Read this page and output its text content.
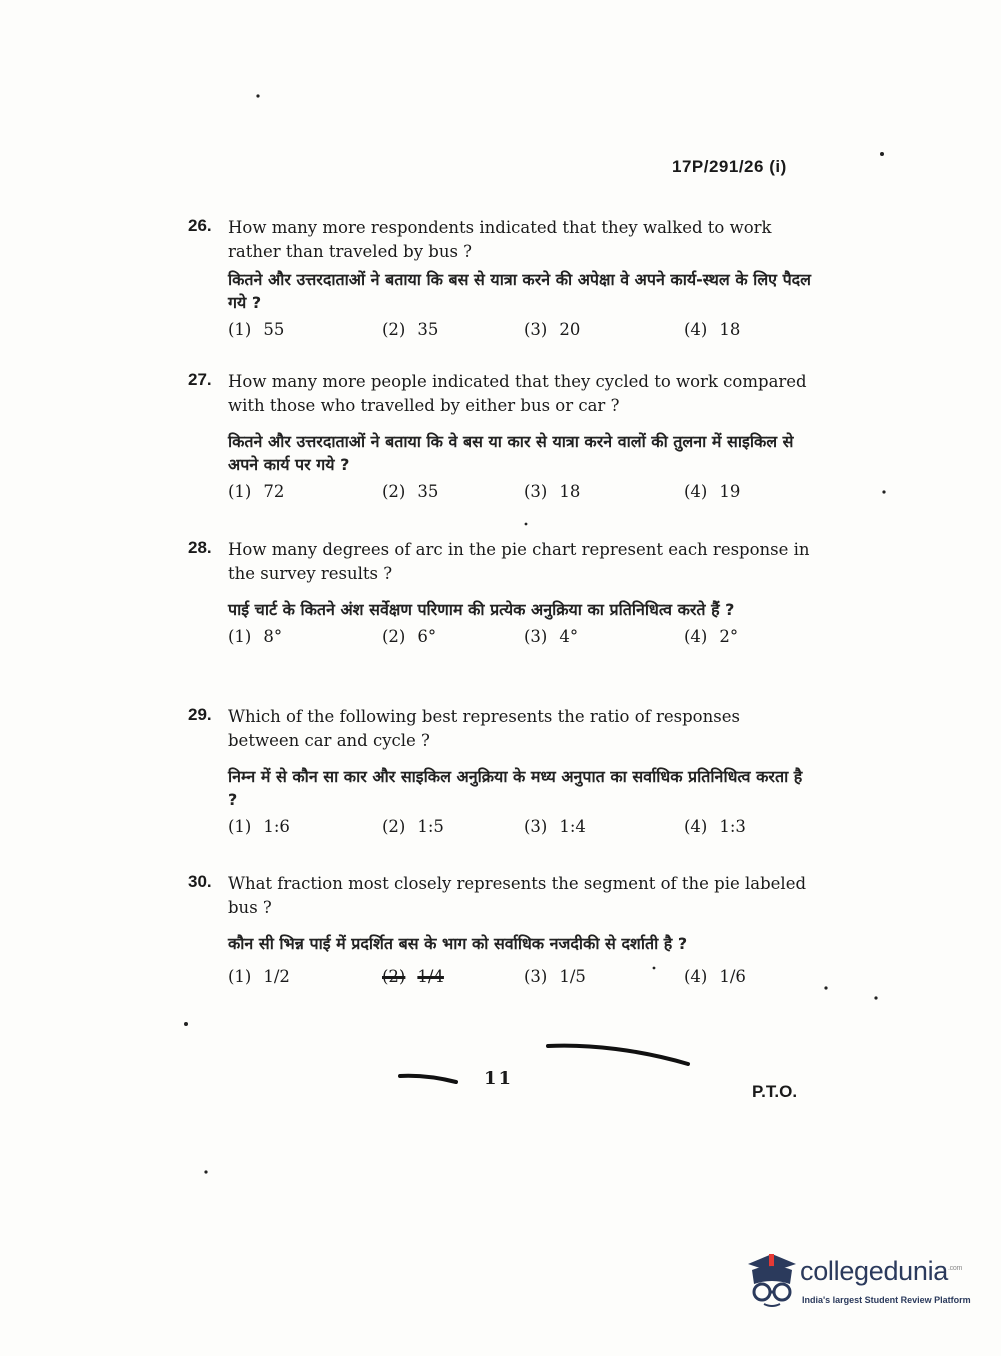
17P/291/26 (i)
26. How many more respondents indicated that they walked to work rather than traveled by bus ?
कितने और उत्तरदाताओं ने बताया कि बस से यात्रा करने की अपेक्षा वे अपने कार्य-स्थल के लिए पैदल गये ?
(1) 55	(2) 35	(3) 20	(4) 18
27. How many more people indicated that they cycled to work compared with those who travelled by either bus or car ?
कितने और उत्तरदाताओं ने बताया कि वे बस या कार से यात्रा करने वालों की तुलना में साइकिल से अपने कार्य पर गये ?
(1) 72	(2) 35	(3) 18	(4) 19
28. How many degrees of arc in the pie chart represent each response in the survey results ?
पाई चार्ट के कितने अंश सर्वेक्षण परिणाम की प्रत्येक अनुक्रिया का प्रतिनिधित्व करते हैं ?
(1) 8°	(2) 6°	(3) 4°	(4) 2°
29. Which of the following best represents the ratio of responses between car and cycle ?
निम्न में से कौन सा कार और साइकिल अनुक्रिया के मध्य अनुपात का सर्वाधिक प्रतिनिधित्व करता है ?
(1) 1:6	(2) 1:5	(3) 1:4	(4) 1:3
30. What fraction most closely represents the segment of the pie labeled bus ?
कौन सी भिन्न पाई में प्रदर्शित बस के भाग को सर्वाधिक नजदीकी से दर्शाती है ?
(1) 1/2	(2) 1/4	(3) 1/5	(4) 1/6
11
P.T.O.
collegedunia$^{.com}$
India's largest Student Review Platform
